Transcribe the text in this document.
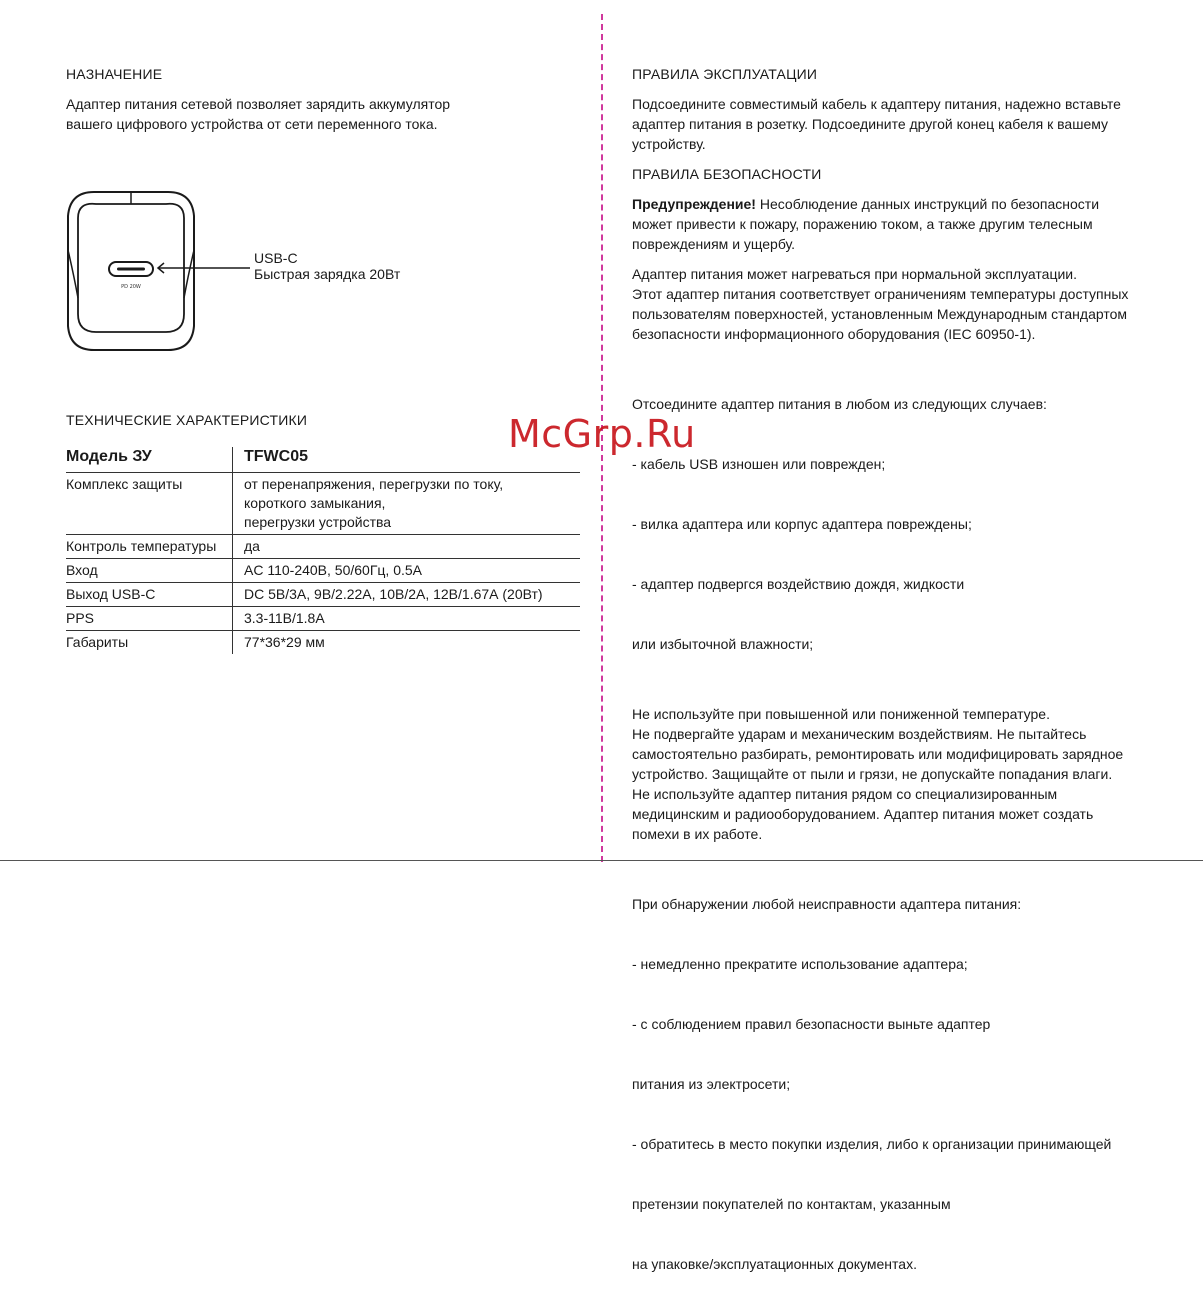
НАЗНАЧЕНИЕ

Адаптер питания сетевой позволяет зарядить аккумулятор
вашего цифрового устройства от сети переменного тока.

PD 20W
USB-C
Быстрая зарядка 20Вт

ТЕХНИЧЕСКИЕ ХАРАКТЕРИСТИКИ

Модель ЗУ	TFWC05
Комплекс защиты	от перенапряжения, перегрузки по току,
короткого замыкания,
перегрузки устройства

Контроль температуры	да
Вход	AC 110-240В, 50/60Гц, 0.5А
Выход USB-C	DC 5В/3А, 9В/2.22А, 10В/2А, 12В/1.67А (20Вт)
PPS	3.3-11В/1.8А
Габариты	77*36*29 мм

ПРАВИЛА ЭКСПЛУАТАЦИИ

Подсоедините совместимый кабель к адаптеру питания, надежно вставьте
адаптер питания в розетку. Подсоедините другой конец кабеля к вашему
устройству.

ПРАВИЛА БЕЗОПАСНОСТИ

Предупреждение! Несоблюдение данных инструкций по безопасности
может привести к пожару, поражению током, а также другим телесным
повреждениям и ущербу.

Адаптер питания может нагреваться при нормальной эксплуатации.
Этот адаптер питания соответствует ограничениям температуры доступных
пользователям поверхностей, установленным Международным стандартом
безопасности информационного оборудования (IEC 60950-1).

Отсоедините адаптер питания в любом из следующих случаев:

- кабель USB изношен или поврежден;

- вилка адаптера или корпус адаптера повреждены;

- адаптер подвергся воздействию дождя, жидкости

или избыточной влажности;

Не используйте при повышенной или пониженной температуре.
Не подвергайте ударам и механическим воздействиям. Не пытайтесь
самостоятельно разбирать, ремонтировать или модифицировать зарядное
устройство. Защищайте от пыли и грязи, не допускайте попадания влаги.
Не используйте адаптер питания рядом со специализированным
медицинским и радиооборудованием. Адаптер питания может создать
помехи в их работе.

При обнаружении любой неисправности адаптера питания:

- немедленно прекратите использование адаптера;

- с соблюдением правил безопасности выньте адаптер

питания из электросети;

- обратитесь в место покупки изделия, либо к организации принимающей

претензии покупателей по контактам, указанным

на упаковке/эксплуатационных документах.

McGrp.Ru
